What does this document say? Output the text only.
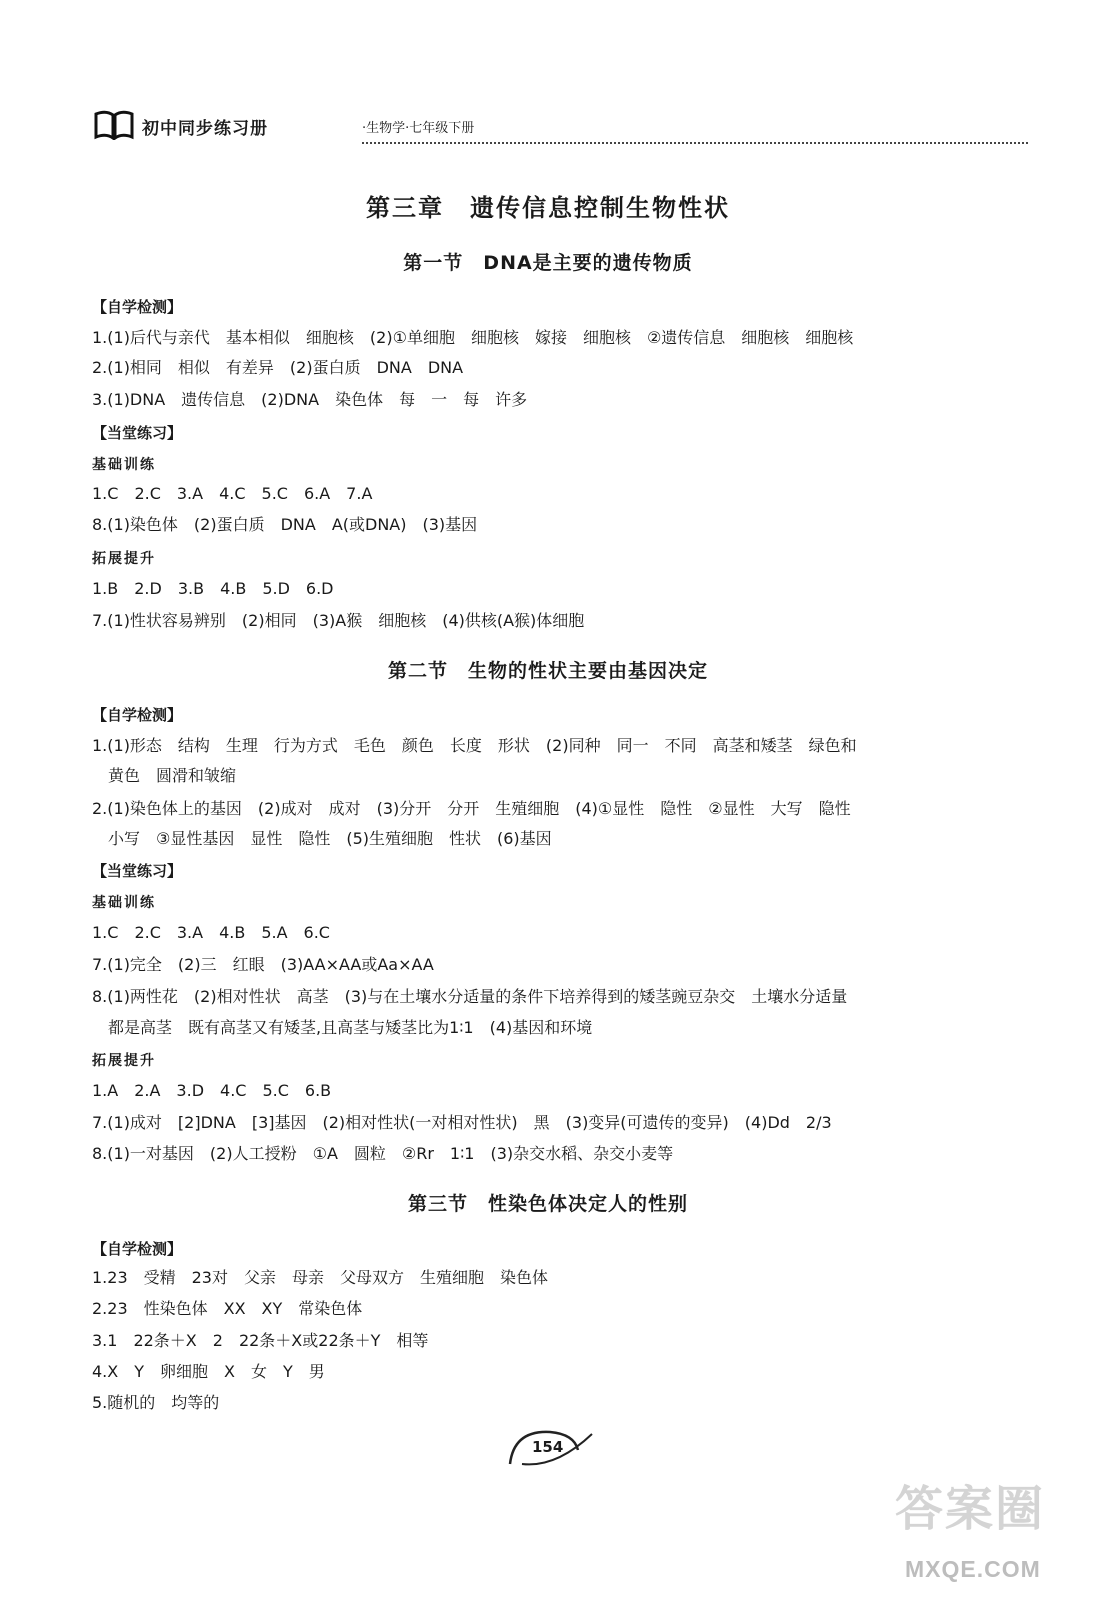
初中同步练习册	·生物学·七年级下册
第三章　遗传信息控制生物性状
第一节　DNA是主要的遗传物质
【自学检测】
1.(1)后代与亲代　基本相似　细胞核　(2)①单细胞　细胞核　嫁接　细胞核　②遗传信息　细胞核　细胞核
2.(1)相同　相似　有差异　(2)蛋白质　DNA　DNA
3.(1)DNA　遗传信息　(2)DNA　染色体　每　一　每　许多
【当堂练习】
基础训练
1.C　2.C　3.A　4.C　5.C　6.A　7.A
8.(1)染色体　(2)蛋白质　DNA　A(或DNA)　(3)基因
拓展提升
1.B　2.D　3.B　4.B　5.D　6.D
7.(1)性状容易辨别　(2)相同　(3)A猴　细胞核　(4)供核(A猴)体细胞
第二节　生物的性状主要由基因决定
【自学检测】
1.(1)形态　结构　生理　行为方式　毛色　颜色　长度　形状　(2)同种　同一　不同　高茎和矮茎　绿色和
黄色　圆滑和皱缩
2.(1)染色体上的基因　(2)成对　成对　(3)分开　分开　生殖细胞　(4)①显性　隐性　②显性　大写　隐性
小写　③显性基因　显性　隐性　(5)生殖细胞　性状　(6)基因
【当堂练习】
基础训练
1.C　2.C　3.A　4.B　5.A　6.C
7.(1)完全　(2)三　红眼　(3)AA×AA或Aa×AA
8.(1)两性花　(2)相对性状　高茎　(3)与在土壤水分适量的条件下培养得到的矮茎豌豆杂交　土壤水分适量
都是高茎　既有高茎又有矮茎,且高茎与矮茎比为1∶1　(4)基因和环境
拓展提升
1.A　2.A　3.D　4.C　5.C　6.B
7.(1)成对　[2]DNA　[3]基因　(2)相对性状(一对相对性状)　黑　(3)变异(可遗传的变异)　(4)Dd　2/3
8.(1)一对基因　(2)人工授粉　①A　圆粒　②Rr　1∶1　(3)杂交水稻、杂交小麦等
第三节　性染色体决定人的性别
【自学检测】
1.23　受精　23对　父亲　母亲　父母双方　生殖细胞　染色体
2.23　性染色体　XX　XY　常染色体
3.1　22条＋X　2　22条＋X或22条＋Y　相等
4.X　Y　卵细胞　X　女　Y　男
5.随机的　均等的
154
答案圈
MXQE.COM
